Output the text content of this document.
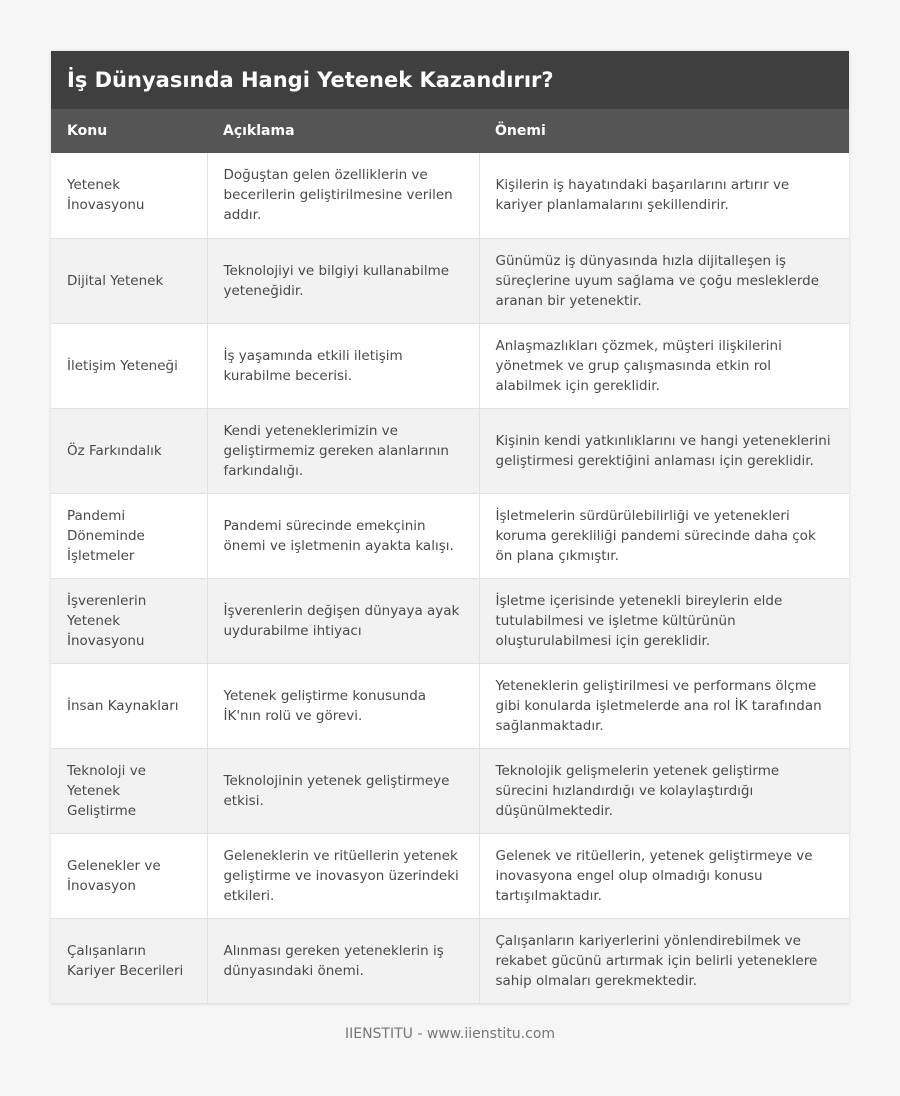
İş Dünyasında Hangi Yetenek Kazandırır?
Konu	Açıklama	Önemi
Yetenek İnovasyonu	Doğuştan gelen özelliklerin ve becerilerin geliştirilmesine verilen addır.	Kişilerin iş hayatındaki başarılarını artırır ve kariyer planlamalarını şekillendirir.
Dijital Yetenek	Teknolojiyi ve bilgiyi kullanabilme yeteneğidir.	Günümüz iş dünyasında hızla dijitalleşen iş süreçlerine uyum sağlama ve çoğu mesleklerde aranan bir yetenektir.
İletişim Yeteneği	İş yaşamında etkili iletişim kurabilme becerisi.	Anlaşmazlıkları çözmek, müşteri ilişkilerini yönetmek ve grup çalışmasında etkin rol alabilmek için gereklidir.
Öz Farkındalık	Kendi yeteneklerimizin ve geliştirmemiz gereken alanlarının farkındalığı.	Kişinin kendi yatkınlıklarını ve hangi yeteneklerini geliştirmesi gerektiğini anlaması için gereklidir.
Pandemi Döneminde İşletmeler	Pandemi sürecinde emekçinin önemi ve işletmenin ayakta kalışı.	İşletmelerin sürdürülebilirliği ve yetenekleri koruma gerekliliği pandemi sürecinde daha çok ön plana çıkmıştır.
İşverenlerin Yetenek İnovasyonu	İşverenlerin değişen dünyaya ayak uydurabilme ihtiyacı	İşletme içerisinde yetenekli bireylerin elde tutulabilmesi ve işletme kültürünün oluşturulabilmesi için gereklidir.
İnsan Kaynakları	Yetenek geliştirme konusunda İK'nın rolü ve görevi.	Yeteneklerin geliştirilmesi ve performans ölçme gibi konularda işletmelerde ana rol İK tarafından sağlanmaktadır.
Teknoloji ve Yetenek Geliştirme	Teknolojinin yetenek geliştirmeye etkisi.	Teknolojik gelişmelerin yetenek geliştirme sürecini hızlandırdığı ve kolaylaştırdığı düşünülmektedir.
Gelenekler ve İnovasyon	Geleneklerin ve ritüellerin yetenek geliştirme ve inovasyon üzerindeki etkileri.	Gelenek ve ritüellerin, yetenek geliştirmeye ve inovasyona engel olup olmadığı konusu tartışılmaktadır.
Çalışanların Kariyer Becerileri	Alınması gereken yeteneklerin iş dünyasındaki önemi.	Çalışanların kariyerlerini yönlendirebilmek ve rekabet gücünü artırmak için belirli yeteneklere sahip olmaları gerekmektedir.
IIENSTITU - www.iienstitu.com
